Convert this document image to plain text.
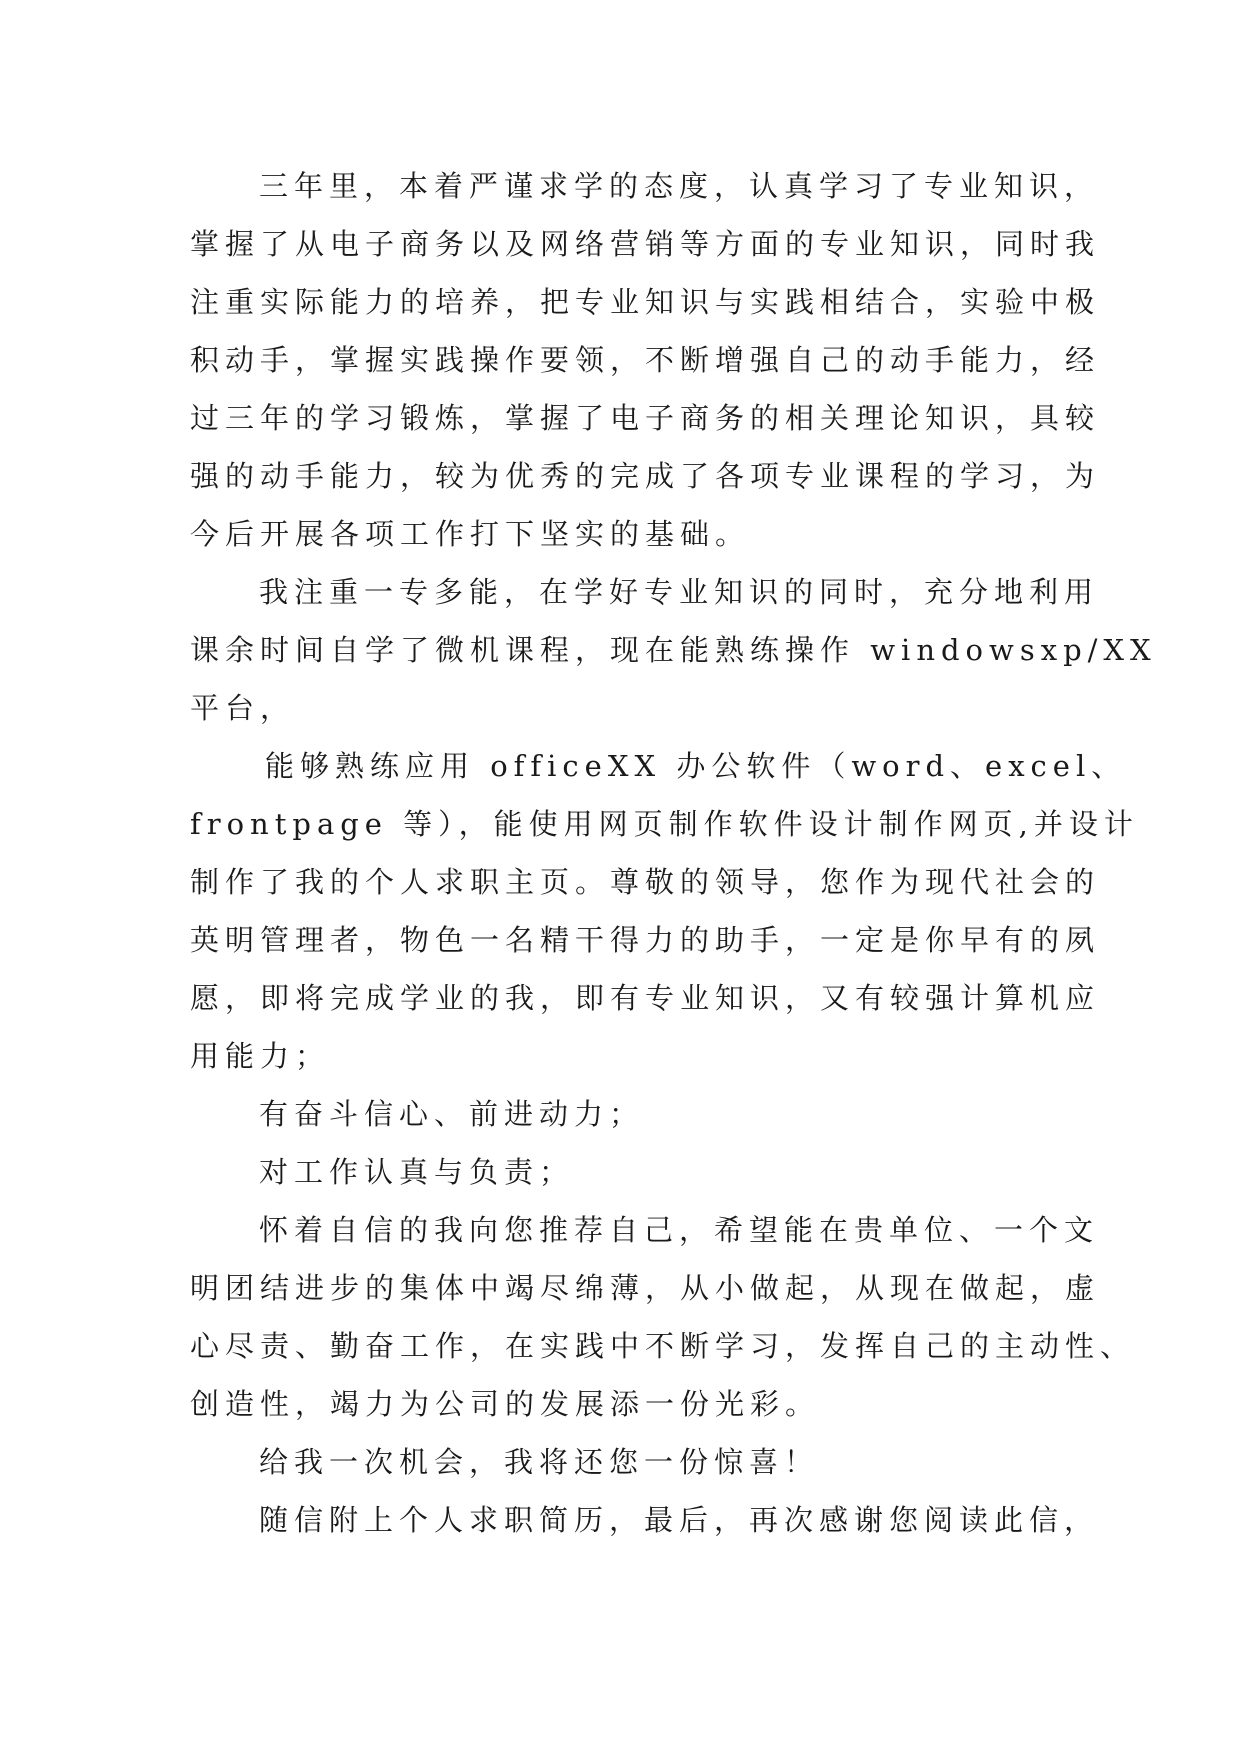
三年里，本着严谨求学的态度，认真学习了专业知识，
掌握了从电子商务以及网络营销等方面的专业知识，同时我
注重实际能力的培养，把专业知识与实践相结合，实验中极
积动手，掌握实践操作要领，不断增强自己的动手能力，经
过三年的学习锻炼，掌握了电子商务的相关理论知识，具较
强的动手能力，较为优秀的完成了各项专业课程的学习，为
今后开展各项工作打下坚实的基础。
我注重一专多能，在学好专业知识的同时，充分地利用
课余时间自学了微机课程，现在能熟练操作 windowsxp/XX
平台，
能够熟练应用 officeXX 办公软件（word、excel、
frontpage 等），能使用网页制作软件设计制作网页,并设计
制作了我的个人求职主页。尊敬的领导，您作为现代社会的
英明管理者，物色一名精干得力的助手，一定是你早有的夙
愿，即将完成学业的我，即有专业知识，又有较强计算机应
用能力；
有奋斗信心、前进动力；
对工作认真与负责；
怀着自信的我向您推荐自己，希望能在贵单位、一个文
明团结进步的集体中竭尽绵薄，从小做起，从现在做起，虚
心尽责、勤奋工作，在实践中不断学习，发挥自己的主动性、
创造性，竭力为公司的发展添一份光彩。
给我一次机会，我将还您一份惊喜！
随信附上个人求职简历，最后，再次感谢您阅读此信，
